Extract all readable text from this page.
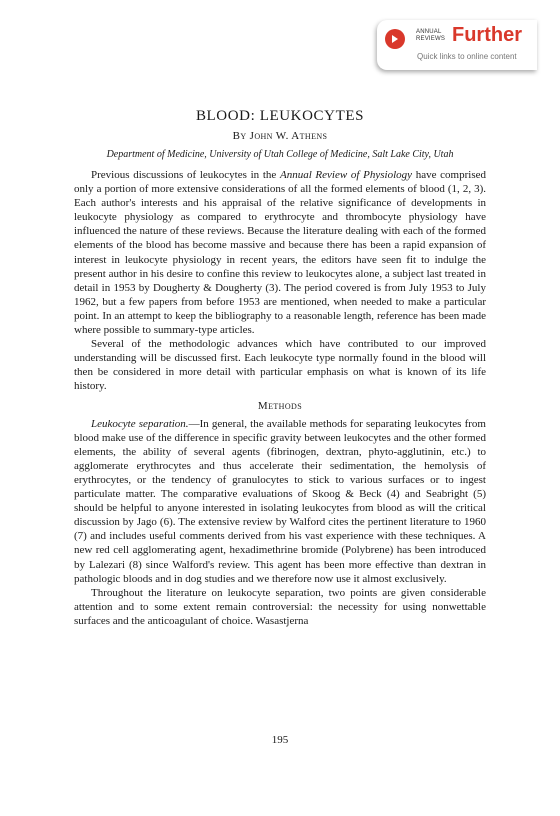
ANNUAL
REVIEWS Further
Quick links to online content
BLOOD: LEUKOCYTES
By John W. Athens
Department of Medicine, University of Utah College of Medicine, Salt Lake City, Utah

Previous discussions of leukocytes in the Annual Review of Physiology have comprised only a portion of more extensive considerations of all the formed elements of blood (1, 2, 3). Each author's interests and his appraisal of the relative significance of developments in leukocyte physiology as compared to erythrocyte and thrombocyte physiology have influenced the nature of these reviews. Because the literature dealing with each of the formed elements of the blood has become massive and because there has been a rapid expansion of interest in leukocyte physiology in recent years, the editors have seen fit to indulge the present author in his desire to confine this review to leukocytes alone, a subject last treated in detail in 1953 by Dougherty & Dougherty (3). The period covered is from July 1953 to July 1962, but a few papers from before 1953 are mentioned, when needed to make a particular point. In an attempt to keep the bibliography to a reasonable length, reference has been made where possible to summary-type articles.

Several of the methodologic advances which have contributed to our improved understanding will be discussed first. Each leukocyte type normally found in the blood will then be considered in more detail with particular emphasis on what is known of its life history.

Methods

Leukocyte separation.—In general, the available methods for separating leukocytes from blood make use of the difference in specific gravity between leukocytes and the other formed elements, the ability of several agents (fibrinogen, dextran, phyto-agglutinin, etc.) to agglomerate erythrocytes and thus accelerate their sedimentation, the hemolysis of erythrocytes, or the tendency of granulocytes to stick to various surfaces or to ingest particulate matter. The comparative evaluations of Skoog & Beck (4) and Seabright (5) should be helpful to anyone interested in isolating leukocytes from blood as will the critical discussion by Jago (6). The extensive review by Walford cites the pertinent literature to 1960 (7) and includes useful comments derived from his vast experience with these techniques. A new red cell agglomerating agent, hexadimethrine bromide (Polybrene) has been introduced by Lalezari (8) since Walford's review. This agent has been more effective than dextran in pathologic bloods and in dog studies and we therefore now use it almost exclusively.

Throughout the literature on leukocyte separation, two points are given considerable attention and to some extent remain controversial: the necessity for using nonwettable surfaces and the anticoagulant of choice. Wasastjerna

195
